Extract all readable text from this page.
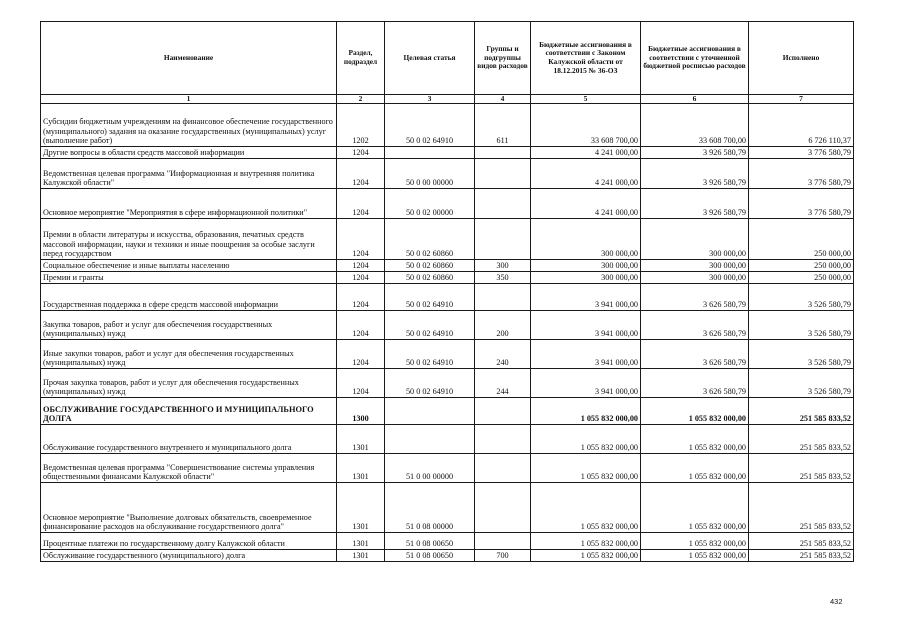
Наименование	Раздел, подраздел	Целевая статья	Группы и подгруппы видов расходов	Бюджетные ассигнования в соответствии с Законом Калужской области от 18.12.2015 № 36-ОЗ	Бюджетные ассигнования в соответствии с уточненной бюджетной росписью расходов	Исполнено
1	2	3	4	5	6	7
Субсидии бюджетным учреждениям на финансовое обеспечение государственного (муниципального) задания на оказание государственных (муниципальных) услуг (выполнение работ)	1202	50 0 02 64910	611	33 608 700,00	33 608 700,00	6 726 110,37
Другие вопросы в области средств массовой информации	1204			4 241 000,00	3 926 580,79	3 776 580,79
Ведомственная целевая программа "Информационная и внутренняя политика Калужской области"	1204	50 0 00 00000		4 241 000,00	3 926 580,79	3 776 580,79
Основное мероприятие "Мероприятия в сфере информационной политики"	1204	50 0 02 00000		4 241 000,00	3 926 580,79	3 776 580,79
Премии в области литературы и искусства, образования, печатных средств массовой информации, науки и техники и иные поощрения за особые заслуги перед государством	1204	50 0 02 60860		300 000,00	300 000,00	250 000,00
Социальное обеспечение и иные выплаты населению	1204	50 0 02 60860	300	300 000,00	300 000,00	250 000,00
Премии и гранты	1204	50 0 02 60860	350	300 000,00	300 000,00	250 000,00
Государственная поддержка в сфере средств массовой информации	1204	50 0 02 64910		3 941 000,00	3 626 580,79	3 526 580,79
Закупка товаров, работ и услуг для обеспечения государственных (муниципальных) нужд	1204	50 0 02 64910	200	3 941 000,00	3 626 580,79	3 526 580,79
Иные закупки товаров, работ и услуг для обеспечения государственных (муниципальных) нужд	1204	50 0 02 64910	240	3 941 000,00	3 626 580,79	3 526 580,79
Прочая закупка товаров, работ и услуг для обеспечения государственных (муниципальных) нужд	1204	50 0 02 64910	244	3 941 000,00	3 626 580,79	3 526 580,79
ОБСЛУЖИВАНИЕ ГОСУДАРСТВЕННОГО И МУНИЦИПАЛЬНОГО ДОЛГА	1300			1 055 832 000,00	1 055 832 000,00	251 585 833,52
Обслуживание государственного внутреннего и муниципального долга	1301			1 055 832 000,00	1 055 832 000,00	251 585 833,52
Ведомственная целевая программа "Совершенствование системы управления общественными финансами Калужской области"	1301	51 0 00 00000		1 055 832 000,00	1 055 832 000,00	251 585 833,52
Основное мероприятие "Выполнение долговых обязательств, своевременное финансирование расходов на обслуживание государственного долга"	1301	51 0 08 00000		1 055 832 000,00	1 055 832 000,00	251 585 833,52
Процентные платежи по государственному долгу Калужской области	1301	51 0 08 00650		1 055 832 000,00	1 055 832 000,00	251 585 833,52
Обслуживание государственного (муниципального) долга	1301	51 0 08 00650	700	1 055 832 000,00	1 055 832 000,00	251 585 833,52
432
